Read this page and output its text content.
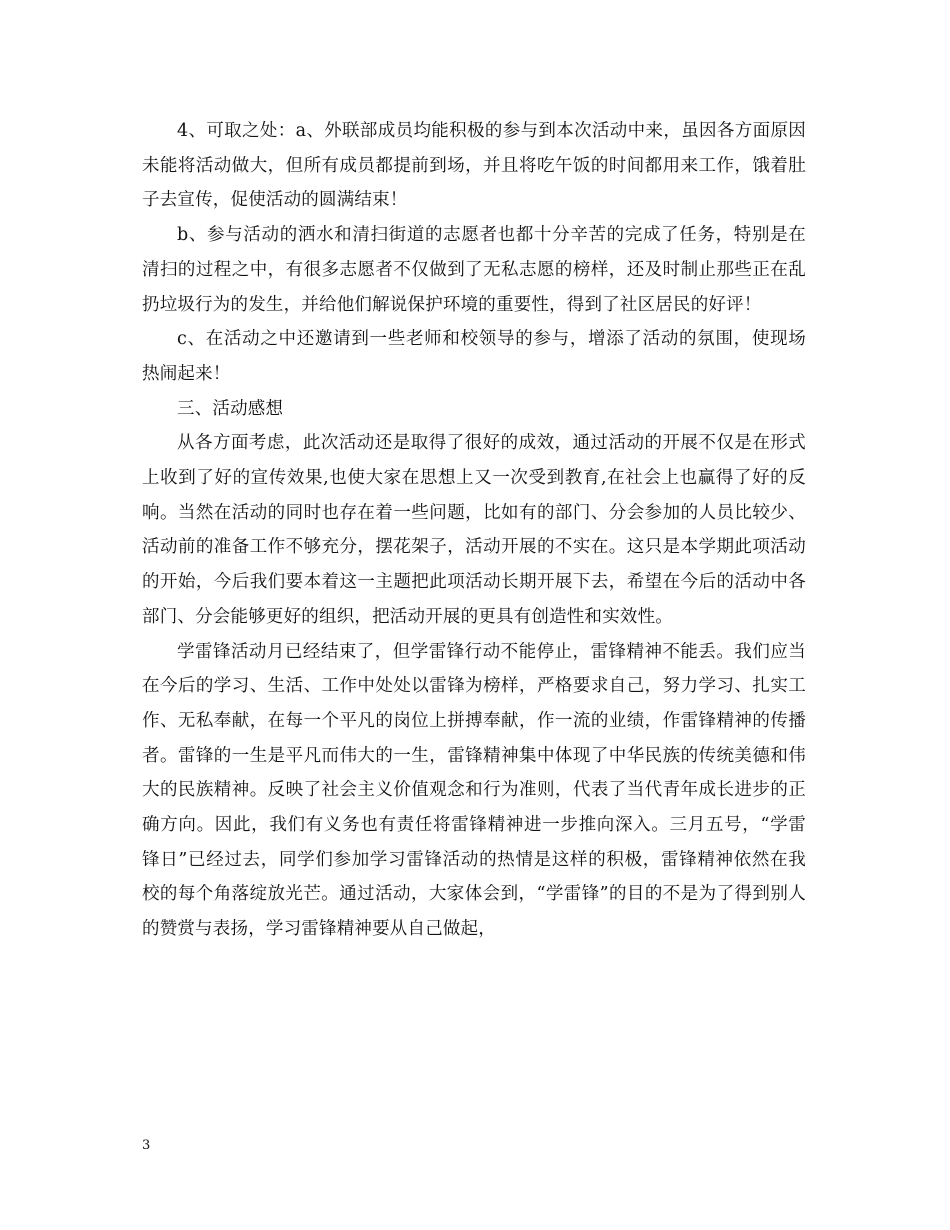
4、可取之处：a、外联部成员均能积极的参与到本次活动中来，虽因各方面原因未能将活动做大，但所有成员都提前到场，并且将吃午饭的时间都用来工作，饿着肚子去宣传，促使活动的圆满结束！

b、参与活动的洒水和清扫街道的志愿者也都十分辛苦的完成了任务，特别是在清扫的过程之中，有很多志愿者不仅做到了无私志愿的榜样，还及时制止那些正在乱扔垃圾行为的发生，并给他们解说保护环境的重要性，得到了社区居民的好评！

c、在活动之中还邀请到一些老师和校领导的参与，增添了活动的氛围，使现场热闹起来！

三、活动感想

从各方面考虑，此次活动还是取得了很好的成效，通过活动的开展不仅是在形式上收到了好的宣传效果,也使大家在思想上又一次受到教育,在社会上也赢得了好的反响。当然在活动的同时也存在着一些问题，比如有的部门、分会参加的人员比较少、活动前的准备工作不够充分，摆花架子，活动开展的不实在。这只是本学期此项活动的开始，今后我们要本着这一主题把此项活动长期开展下去，希望在今后的活动中各部门、分会能够更好的组织，把活动开展的更具有创造性和实效性。

学雷锋活动月已经结束了，但学雷锋行动不能停止，雷锋精神不能丢。我们应当在今后的学习、生活、工作中处处以雷锋为榜样，严格要求自己，努力学习、扎实工作、无私奉献，在每一个平凡的岗位上拼搏奉献，作一流的业绩，作雷锋精神的传播者。雷锋的一生是平凡而伟大的一生，雷锋精神集中体现了中华民族的传统美德和伟大的民族精神。反映了社会主义价值观念和行为准则，代表了当代青年成长进步的正确方向。因此，我们有义务也有责任将雷锋精神进一步推向深入。三月五号，“学雷锋日”已经过去，同学们参加学习雷锋活动的热情是这样的积极，雷锋精神依然在我校的每个角落绽放光芒。通过活动，大家体会到，“学雷锋”的目的不是为了得到别人的赞赏与表扬，学习雷锋精神要从自己做起，

3
